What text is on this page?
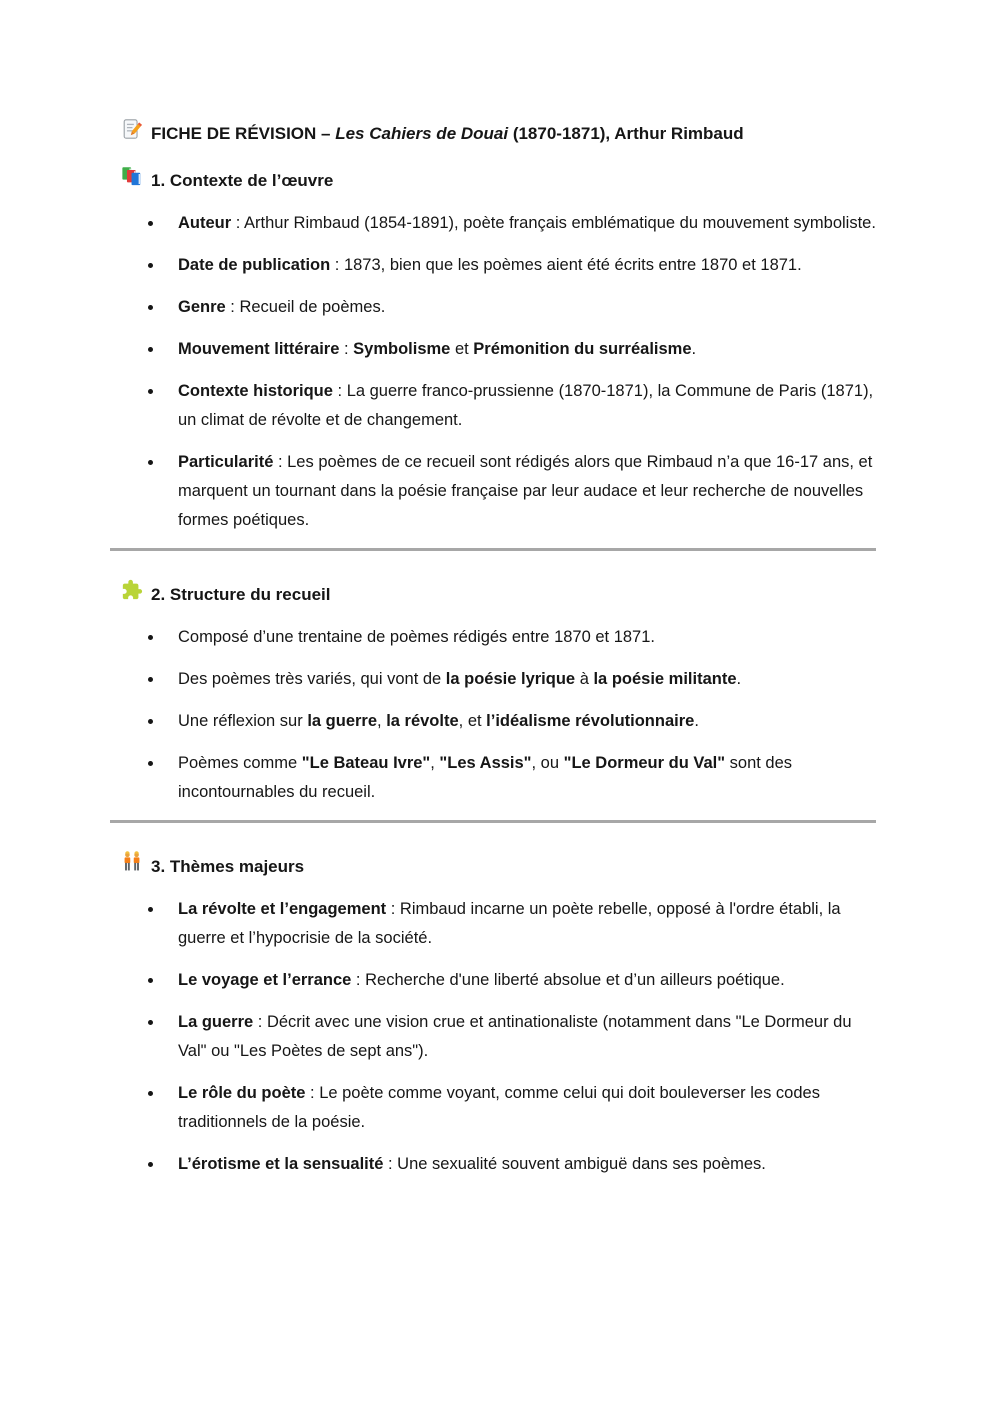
FICHE DE RÉVISION – Les Cahiers de Douai (1870-1871), Arthur Rimbaud
1. Contexte de l’œuvre
Auteur : Arthur Rimbaud (1854-1891), poète français emblématique du mouvement symboliste.
Date de publication : 1873, bien que les poèmes aient été écrits entre 1870 et 1871.
Genre : Recueil de poèmes.
Mouvement littéraire : Symbolisme et Prémonition du surréalisme.
Contexte historique : La guerre franco-prussienne (1870-1871), la Commune de Paris (1871), un climat de révolte et de changement.
Particularité : Les poèmes de ce recueil sont rédigés alors que Rimbaud n’a que 16-17 ans, et marquent un tournant dans la poésie française par leur audace et leur recherche de nouvelles formes poétiques.
2. Structure du recueil
Composé d’une trentaine de poèmes rédigés entre 1870 et 1871.
Des poèmes très variés, qui vont de la poésie lyrique à la poésie militante.
Une réflexion sur la guerre, la révolte, et l’idéalisme révolutionnaire.
Poèmes comme "Le Bateau Ivre", "Les Assis", ou "Le Dormeur du Val" sont des incontournables du recueil.
3. Thèmes majeurs
La révolte et l’engagement : Rimbaud incarne un poète rebelle, opposé à l'ordre établi, la guerre et l’hypocrisie de la société.
Le voyage et l’errance : Recherche d'une liberté absolue et d’un ailleurs poétique.
La guerre : Décrit avec une vision crue et antinationaliste (notamment dans "Le Dormeur du Val" ou "Les Poètes de sept ans").
Le rôle du poète : Le poète comme voyant, comme celui qui doit bouleverser les codes traditionnels de la poésie.
L’érotisme et la sensualité : Une sexualité souvent ambiguë dans ses poèmes.
